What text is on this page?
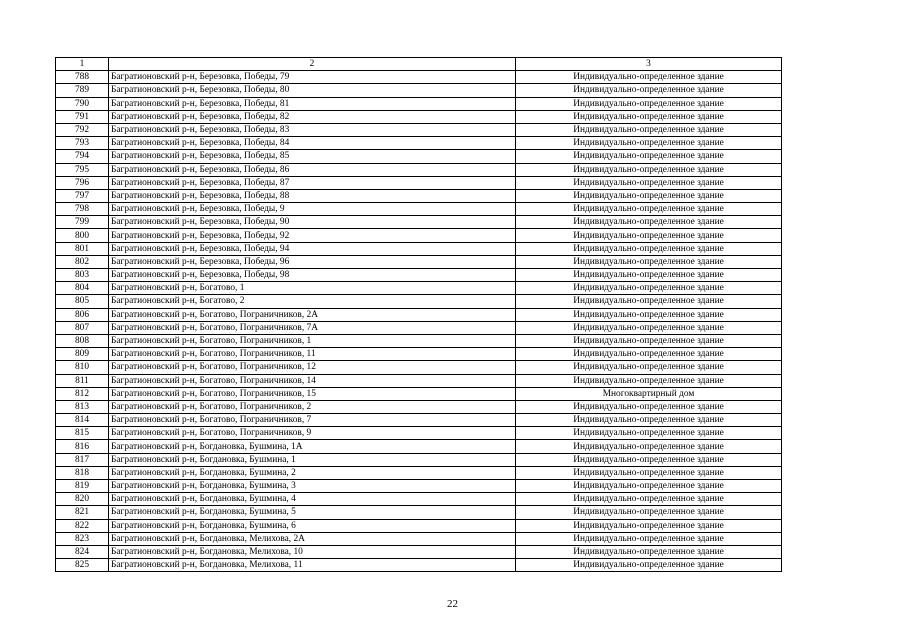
1	2	3
788	Багратионовский р-н, Березовка, Победы, 79	Индивидуально-определенное здание
789	Багратионовский р-н, Березовка, Победы, 80	Индивидуально-определенное здание
790	Багратионовский р-н, Березовка, Победы, 81	Индивидуально-определенное здание
791	Багратионовский р-н, Березовка, Победы, 82	Индивидуально-определенное здание
792	Багратионовский р-н, Березовка, Победы, 83	Индивидуально-определенное здание
793	Багратионовский р-н, Березовка, Победы, 84	Индивидуально-определенное здание
794	Багратионовский р-н, Березовка, Победы, 85	Индивидуально-определенное здание
795	Багратионовский р-н, Березовка, Победы, 86	Индивидуально-определенное здание
796	Багратионовский р-н, Березовка, Победы, 87	Индивидуально-определенное здание
797	Багратионовский р-н, Березовка, Победы, 88	Индивидуально-определенное здание
798	Багратионовский р-н, Березовка, Победы, 9	Индивидуально-определенное здание
799	Багратионовский р-н, Березовка, Победы, 90	Индивидуально-определенное здание
800	Багратионовский р-н, Березовка, Победы, 92	Индивидуально-определенное здание
801	Багратионовский р-н, Березовка, Победы, 94	Индивидуально-определенное здание
802	Багратионовский р-н, Березовка, Победы, 96	Индивидуально-определенное здание
803	Багратионовский р-н, Березовка, Победы, 98	Индивидуально-определенное здание
804	Багратионовский р-н, Богатово, 1	Индивидуально-определенное здание
805	Багратионовский р-н, Богатово, 2	Индивидуально-определенное здание
806	Багратионовский р-н, Богатово, Пограничников, 2А	Индивидуально-определенное здание
807	Багратионовский р-н, Богатово, Пограничников, 7А	Индивидуально-определенное здание
808	Багратионовский р-н, Богатово, Пограничников, 1	Индивидуально-определенное здание
809	Багратионовский р-н, Богатово, Пограничников, 11	Индивидуально-определенное здание
810	Багратионовский р-н, Богатово, Пограничников, 12	Индивидуально-определенное здание
811	Багратионовский р-н, Богатово, Пограничников, 14	Индивидуально-определенное здание
812	Багратионовский р-н, Богатово, Пограничников, 15	Многоквартирный дом
813	Багратионовский р-н, Богатово, Пограничников, 2	Индивидуально-определенное здание
814	Багратионовский р-н, Богатово, Пограничников, 7	Индивидуально-определенное здание
815	Багратионовский р-н, Богатово, Пограничников, 9	Индивидуально-определенное здание
816	Багратионовский р-н, Богдановка, Бушмина, 1А	Индивидуально-определенное здание
817	Багратионовский р-н, Богдановка, Бушмина, 1	Индивидуально-определенное здание
818	Багратионовский р-н, Богдановка, Бушмина, 2	Индивидуально-определенное здание
819	Багратионовский р-н, Богдановка, Бушмина, 3	Индивидуально-определенное здание
820	Багратионовский р-н, Богдановка, Бушмина, 4	Индивидуально-определенное здание
821	Багратионовский р-н, Богдановка, Бушмина, 5	Индивидуально-определенное здание
822	Багратионовский р-н, Богдановка, Бушмина, 6	Индивидуально-определенное здание
823	Багратионовский р-н, Богдановка, Мелихова, 2А	Индивидуально-определенное здание
824	Багратионовский р-н, Богдановка, Мелихова, 10	Индивидуально-определенное здание
825	Багратионовский р-н, Богдановка, Мелихова, 11	Индивидуально-определенное здание
22
